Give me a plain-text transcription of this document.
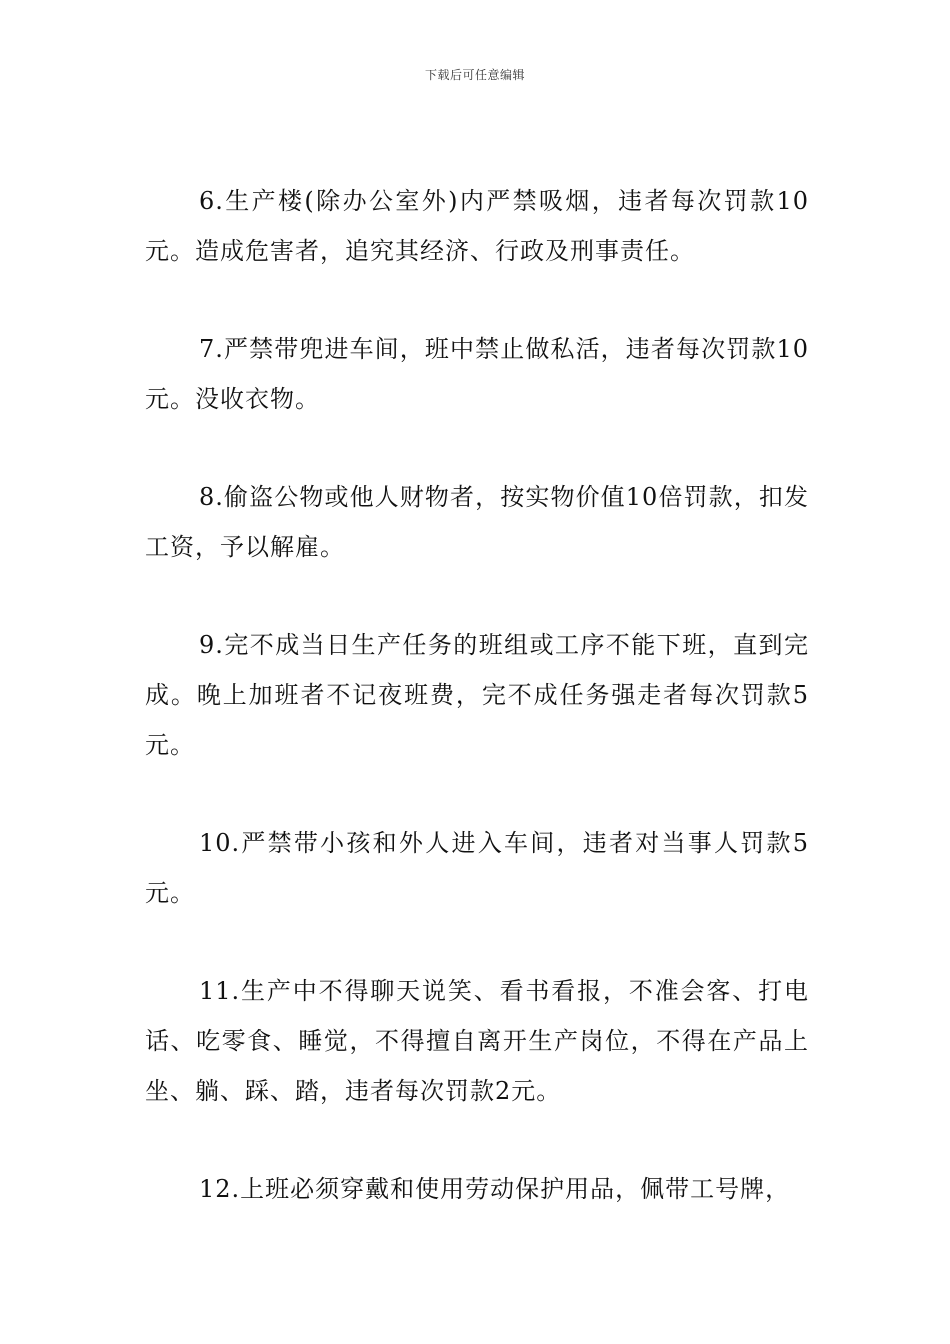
下载后可任意编辑

6.生产楼(除办公室外)内严禁吸烟，违者每次罚款10元。造成危害者，追究其经济、行政及刑事责任。

7.严禁带兜进车间，班中禁止做私活，违者每次罚款10元。没收衣物。

8.偷盗公物或他人财物者，按实物价值10倍罚款，扣发工资，予以解雇。

9.完不成当日生产任务的班组或工序不能下班，直到完成。晚上加班者不记夜班费，完不成任务强走者每次罚款5元。

10.严禁带小孩和外人进入车间，违者对当事人罚款5元。

11.生产中不得聊天说笑、看书看报，不准会客、打电话、吃零食、睡觉，不得擅自离开生产岗位，不得在产品上坐、躺、踩、踏，违者每次罚款2元。

12.上班必须穿戴和使用劳动保护用品，佩带工号牌，
